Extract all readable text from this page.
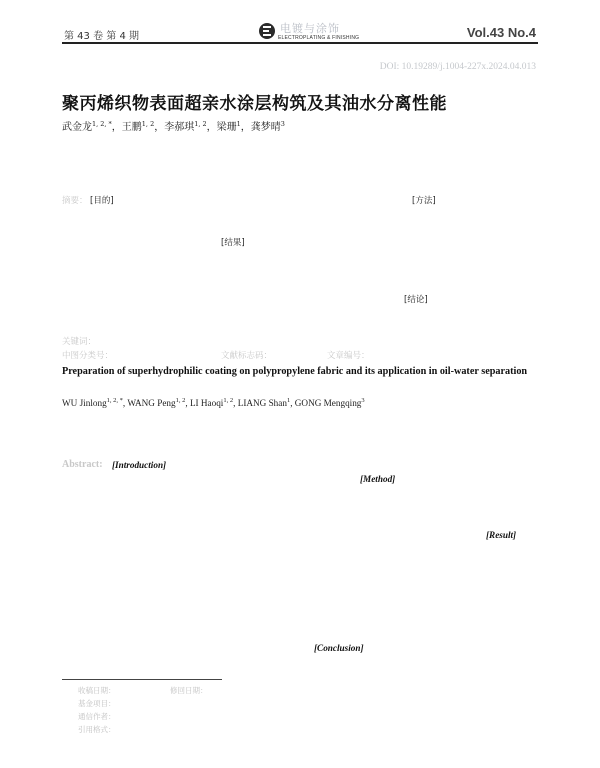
第 43 卷 第 4 期
电镀与涂饰
ELECTROPLATING & FINISHING	Vol.43 No.4
DOI: 10.19289/j.1004-227x.2024.04.013
聚丙烯织物表面超亲水涂层构筑及其油水分离性能
武金龙$^{1, 2, *}$，王鹏$^{1, 2}$，李郝琪$^{1, 2}$，梁珊$^1$，龚梦晴$^3$
摘要： [目的]	[方法]
[结果]
[结论]
关键词：
中图分类号：	文献标志码：	文章编号：
Preparation of superhydrophilic coating on polypropylene fabric and its application in oil-water separation
WU Jinlong$^{1, 2, *}$, WANG Peng$^{1, 2}$, LI Haoqi$^{1, 2}$, LIANG Shan$^1$, GONG Mengqing$^3$
Abstract: [Introduction]
[Method]
[Result]
[Conclusion]
收稿日期：	修回日期：
基金项目：
通信作者：
引用格式：
